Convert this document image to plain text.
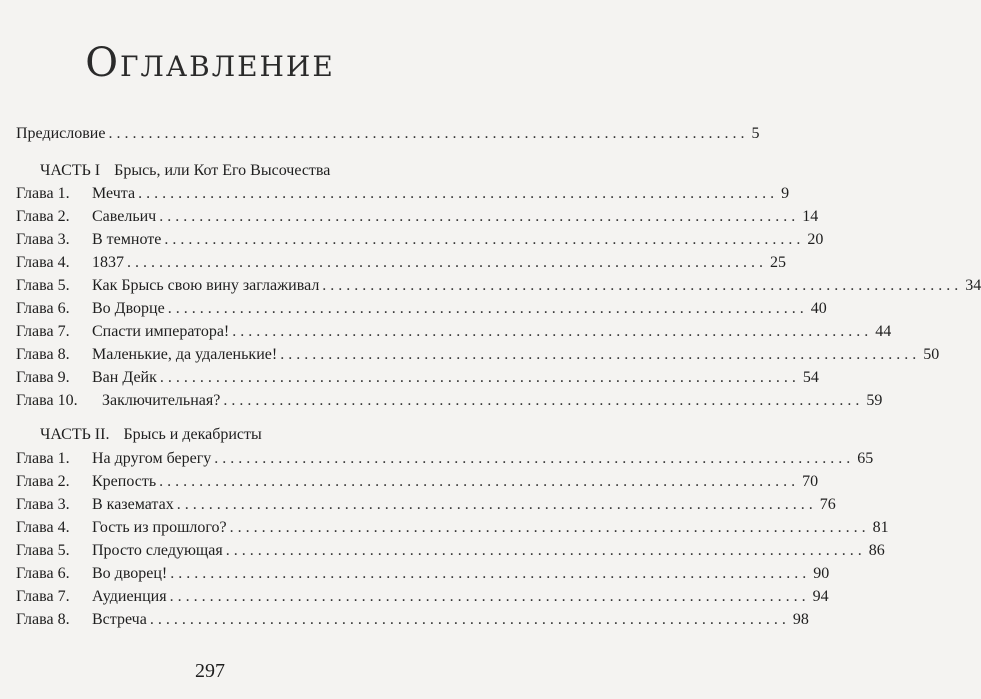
Оглавление
Предисловие ................................................................................ 5
ЧАСТЬ I Брысь, или Кот Его Высочества
Глава 1.	Мечта ................................................................................ 9
Глава 2.	Савельич ................................................................................ 14
Глава 3.	В темноте ................................................................................ 20
Глава 4.	1837 ................................................................................ 25
Глава 5.	Как Брысь свою вину заглаживал ................................................................................ 34
Глава 6.	Во Дворце ................................................................................ 40
Глава 7.	Спасти императора! ................................................................................ 44
Глава 8.	Маленькие, да удаленькие! ................................................................................ 50
Глава 9.	Ван Дейк ................................................................................ 54
Глава 10.	Заключительная? ................................................................................ 59
ЧАСТЬ II. Брысь и декабристы
Глава 1.	На другом берегу ................................................................................ 65
Глава 2.	Крепость ................................................................................ 70
Глава 3.	В казематах ................................................................................ 76
Глава 4.	Гость из прошлого? ................................................................................ 81
Глава 5.	Просто следующая ................................................................................ 86
Глава 6.	Во дворец! ................................................................................ 90
Глава 7.	Аудиенция ................................................................................ 94
Глава 8.	Встреча ................................................................................ 98
297
